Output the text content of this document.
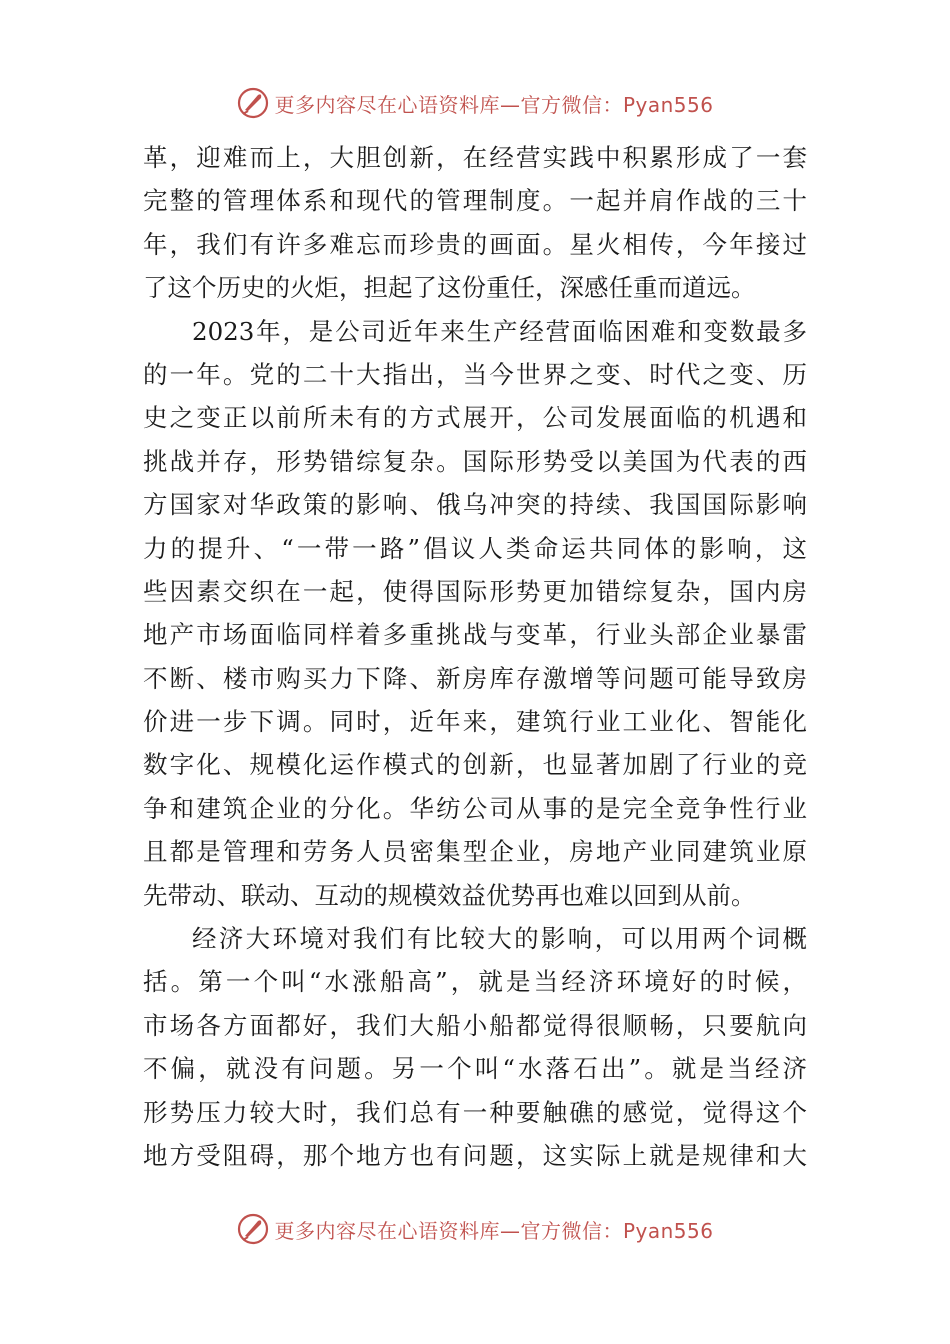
更多内容尽在心语资料库—官方微信：Pyan556
革，迎难而上，大胆创新，在经营实践中积累形成了一套
完整的管理体系和现代的管理制度。一起并肩作战的三十
年，我们有许多难忘而珍贵的画面。星火相传，今年接过
了这个历史的火炬，担起了这份重任，深感任重而道远。
2023年，是公司近年来生产经营面临困难和变数最多
的一年。党的二十大指出，当今世界之变、时代之变、历
史之变正以前所未有的方式展开，公司发展面临的机遇和
挑战并存，形势错综复杂。国际形势受以美国为代表的西
方国家对华政策的影响、俄乌冲突的持续、我国国际影响
力的提升、“一带一路”倡议人类命运共同体的影响，这
些因素交织在一起，使得国际形势更加错综复杂，国内房
地产市场面临同样着多重挑战与变革，行业头部企业暴雷
不断、楼市购买力下降、新房库存激增等问题可能导致房
价进一步下调。同时，近年来，建筑行业工业化、智能化
数字化、规模化运作模式的创新，也显著加剧了行业的竞
争和建筑企业的分化。华纺公司从事的是完全竞争性行业
且都是管理和劳务人员密集型企业，房地产业同建筑业原
先带动、联动、互动的规模效益优势再也难以回到从前。
经济大环境对我们有比较大的影响，可以用两个词概
括。第一个叫“水涨船高”，就是当经济环境好的时候，
市场各方面都好，我们大船小船都觉得很顺畅，只要航向
不偏，就没有问题。另一个叫“水落石出”。就是当经济
形势压力较大时，我们总有一种要触礁的感觉，觉得这个
地方受阻碍，那个地方也有问题，这实际上就是规律和大
更多内容尽在心语资料库—官方微信：Pyan556
